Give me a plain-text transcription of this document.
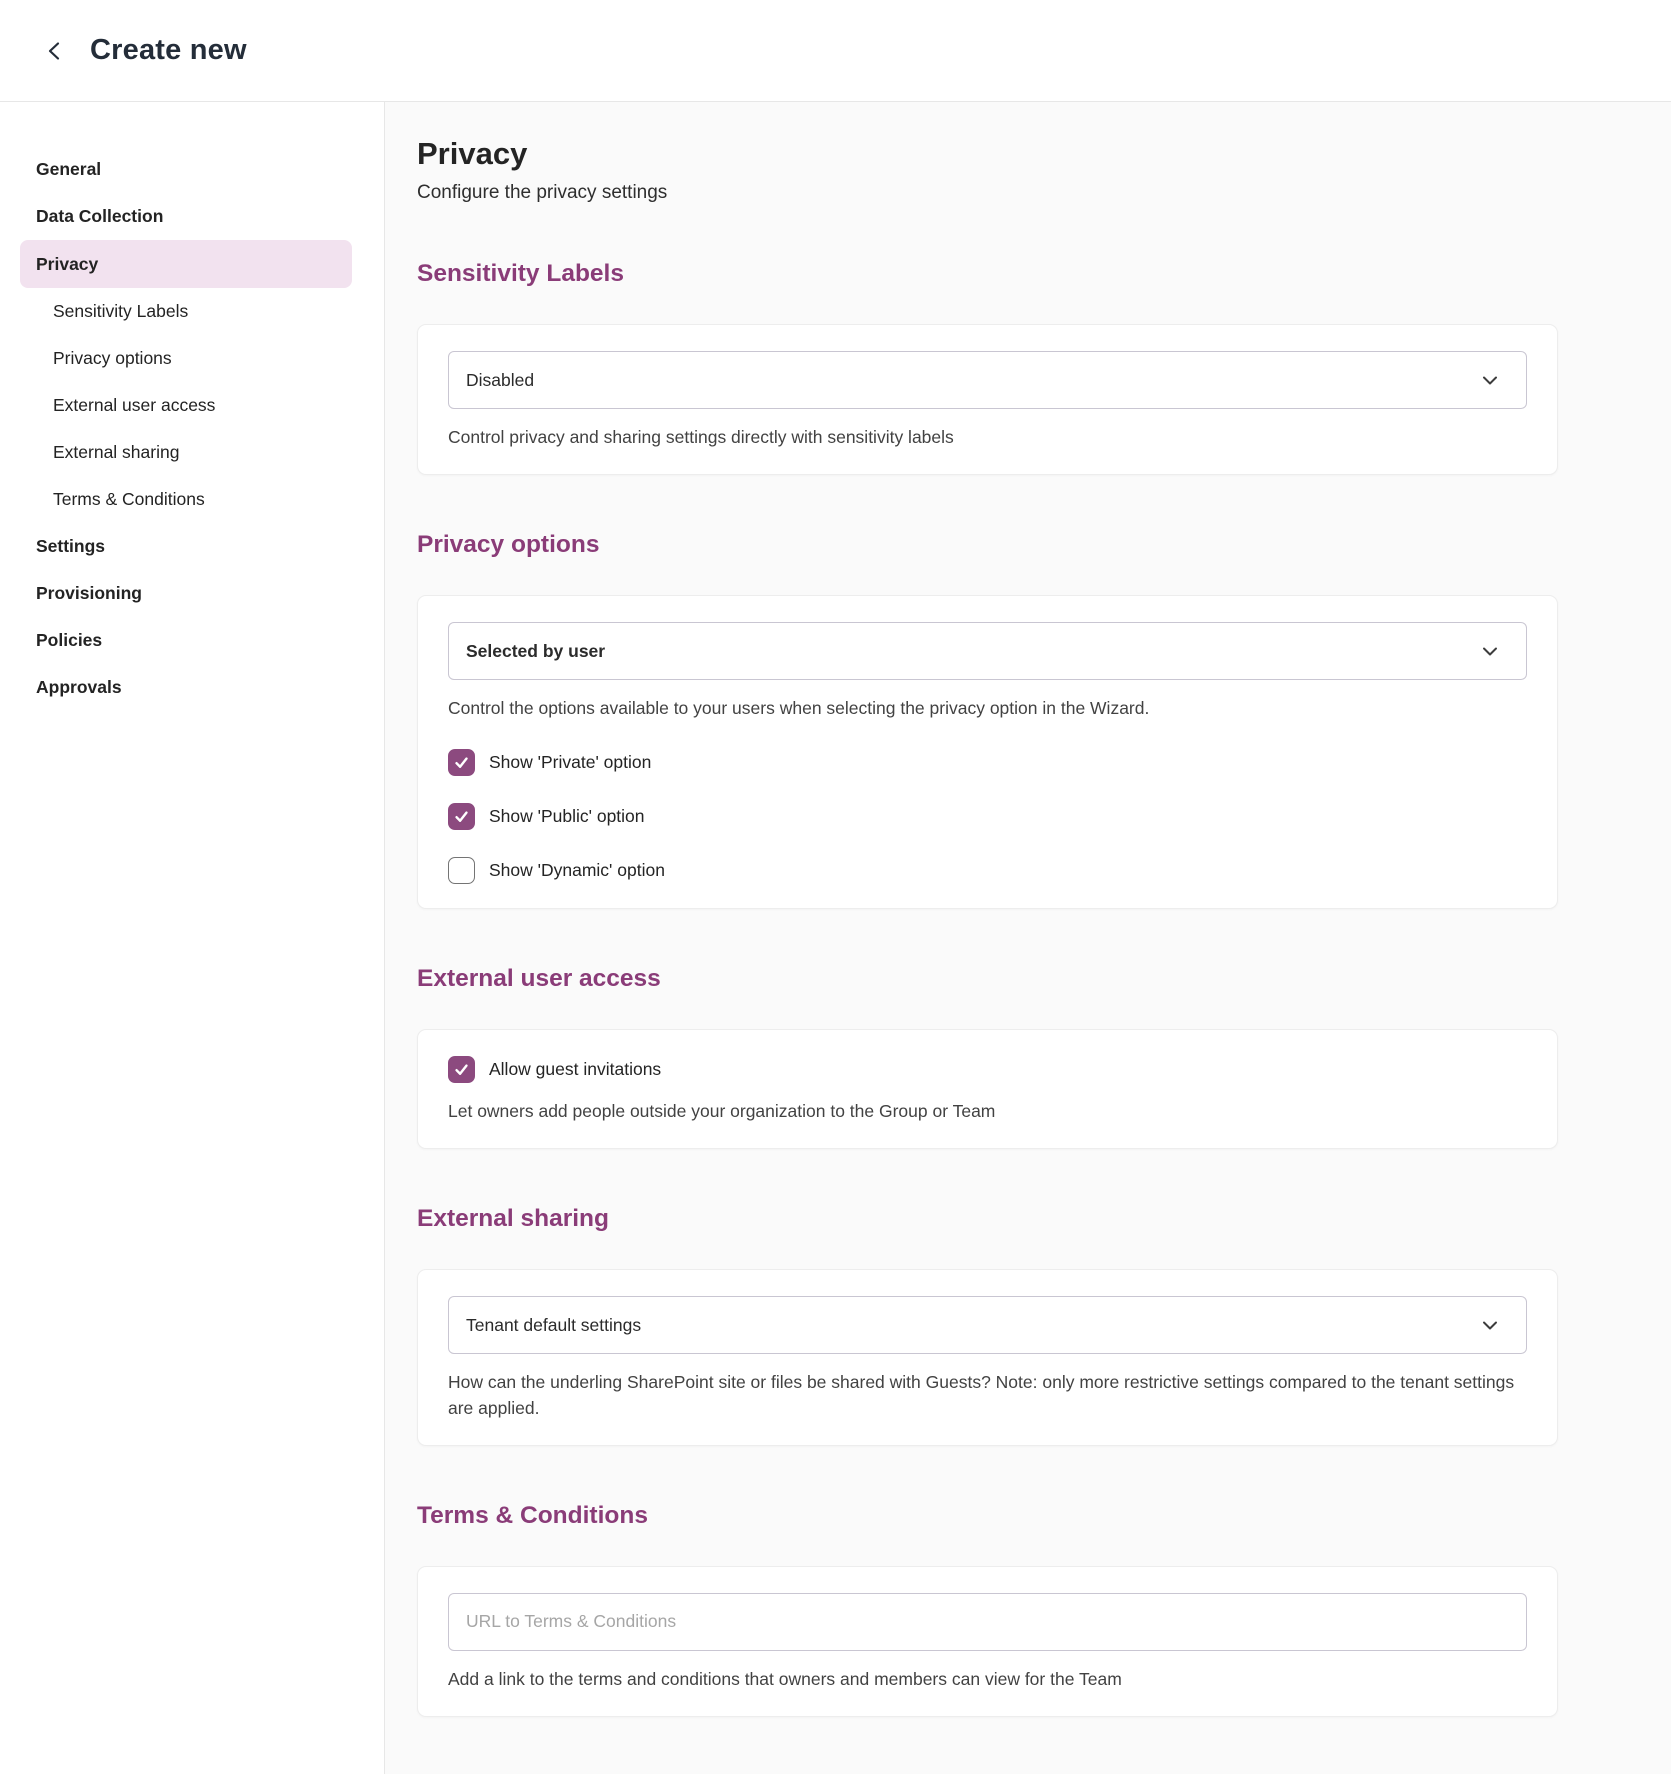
Create new
General
Data Collection
Privacy
Sensitivity Labels
Privacy options
External user access
External sharing
Terms & Conditions
Settings
Provisioning
Policies
Approvals
Privacy

Configure the privacy settings

Sensitivity Labels
Disabled
Control privacy and sharing settings directly with sensitivity labels
Privacy options
Selected by user
Control the options available to your users when selecting the privacy option in the Wizard.
Show 'Private' option
Show 'Public' option
Show 'Dynamic' option
External user access
Allow guest invitations
Let owners add people outside your organization to the Group or Team
External sharing
Tenant default settings
How can the underling SharePoint site or files be shared with Guests? Note: only more restrictive settings compared to the tenant settings are applied.
Terms & Conditions
URL to Terms & Conditions
Add a link to the terms and conditions that owners and members can view for the Team
